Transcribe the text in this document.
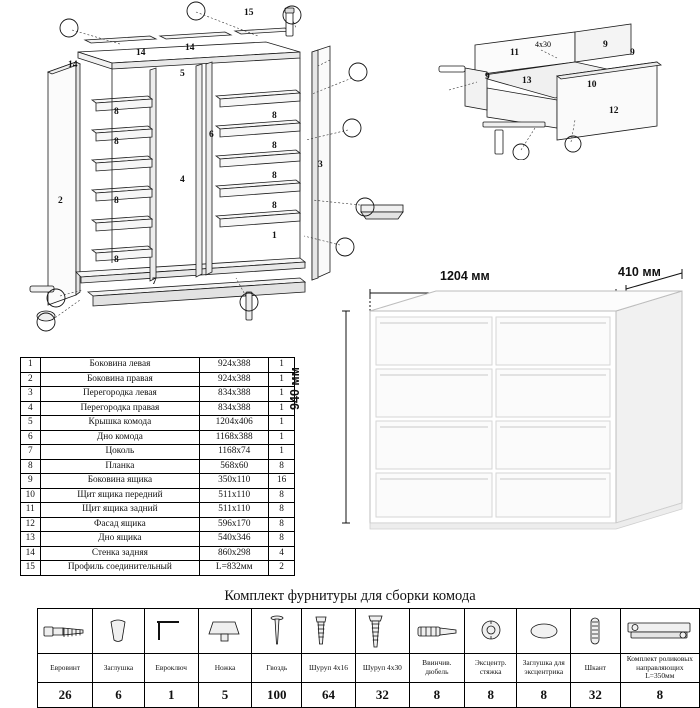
15
14
14	14
5
8
8
8
8
8
8
8
8
1
2
3
4
6
7
11
9
9
9
13	10
12
4х30
1	Боковина левая	924х388	1
2	Боковина правая	924х388	1
3	Перегородка левая	834х388	1
4	Перегородка правая	834х388	1
5	Крышка комода	1204х406	1
6	Дно комода	1168х388	1
7	Цоколь	1168х74	1
8	Планка	568х60	8
9	Боковина ящика	350х110	16
10	Щит ящика передний	511х110	8
11	Щит ящика задний	511х110	8
12	Фасад ящика	596х170	8
13	Дно ящика	540х346	8
14	Стенка задняя	860х298	4
15	Профиль соединительный	L=832мм	2
1204 мм	410 мм
940 мм
Комплект фурнитуры для сборки комода

Евровинт	Заглушка	Евроключ	Ножка	Гвоздь	Шуруп 4х16	Шуруп 4х30	Ввинчив. дюбель	Эксцентр. стяжка	Заглушка для эксцентрика	Шкант	Комплект роликовых направляющих L=350мм
26	6	1	5	100	64	32	8	8	8	32	8
